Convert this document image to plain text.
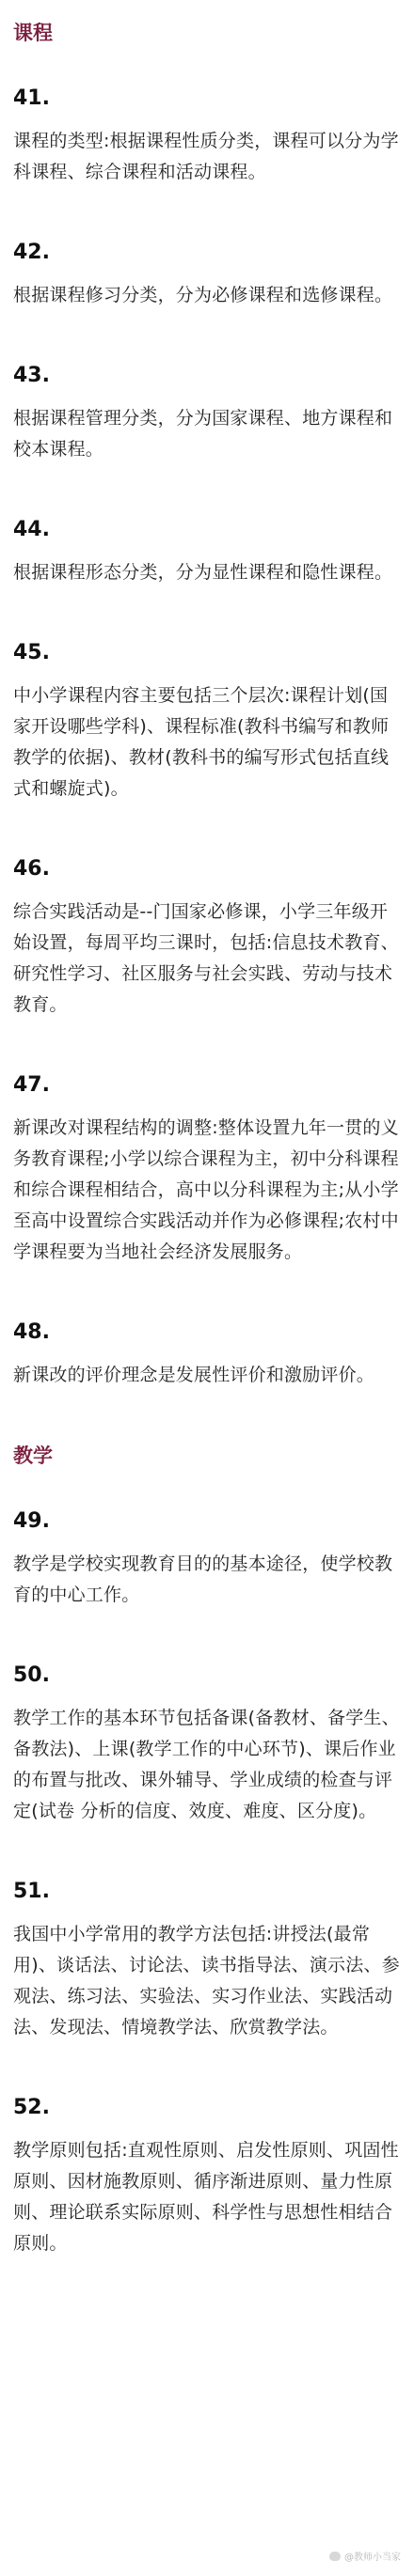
课程
41.
课程的类型:根据课程性质分类，课程可以分为学科课程、综合课程和活动课程。
42.
根据课程修习分类，分为必修课程和选修课程。
43.
根据课程管理分类，分为国家课程、地方课程和校本课程。
44.
根据课程形态分类，分为显性课程和隐性课程。
45.
中小学课程内容主要包括三个层次:课程计划(国家开设哪些学科)、课程标准(教科书编写和教师教学的依据)、教材(教科书的编写形式包括直线式和螺旋式)。
46.
综合实践活动是--门国家必修课，小学三年级开始设置，每周平均三课时，包括:信息技术教育、研究性学习、社区服务与社会实践、劳动与技术教育。
47.
新课改对课程结构的调整:整体设置九年一贯的义务教育课程;小学以综合课程为主，初中分科课程和综合课程相结合，高中以分科课程为主;从小学至高中设置综合实践活动并作为必修课程;农村中学课程要为当地社会经济发展服务。
48.
新课改的评价理念是发展性评价和激励评价。
教学
49.
教学是学校实现教育目的的基本途径，使学校教育的中心工作。
50.
教学工作的基本环节包括备课(备教材、备学生、备教法)、上课(教学工作的中心环节)、课后作业的布置与批改、课外辅导、学业成绩的检查与评定(试卷 分析的信度、效度、难度、区分度)。
51.
我国中小学常用的教学方法包括:讲授法(最常用)、谈话法、讨论法、读书指导法、演示法、参观法、练习法、实验法、实习作业法、实践活动法、发现法、情境教学法、欣赏教学法。
52.
教学原则包括:直观性原则、启发性原则、巩固性原则、因材施教原则、循序渐进原则、量力性原则、理论联系实际原则、科学性与思想性相结合原则。
@教师小当家
